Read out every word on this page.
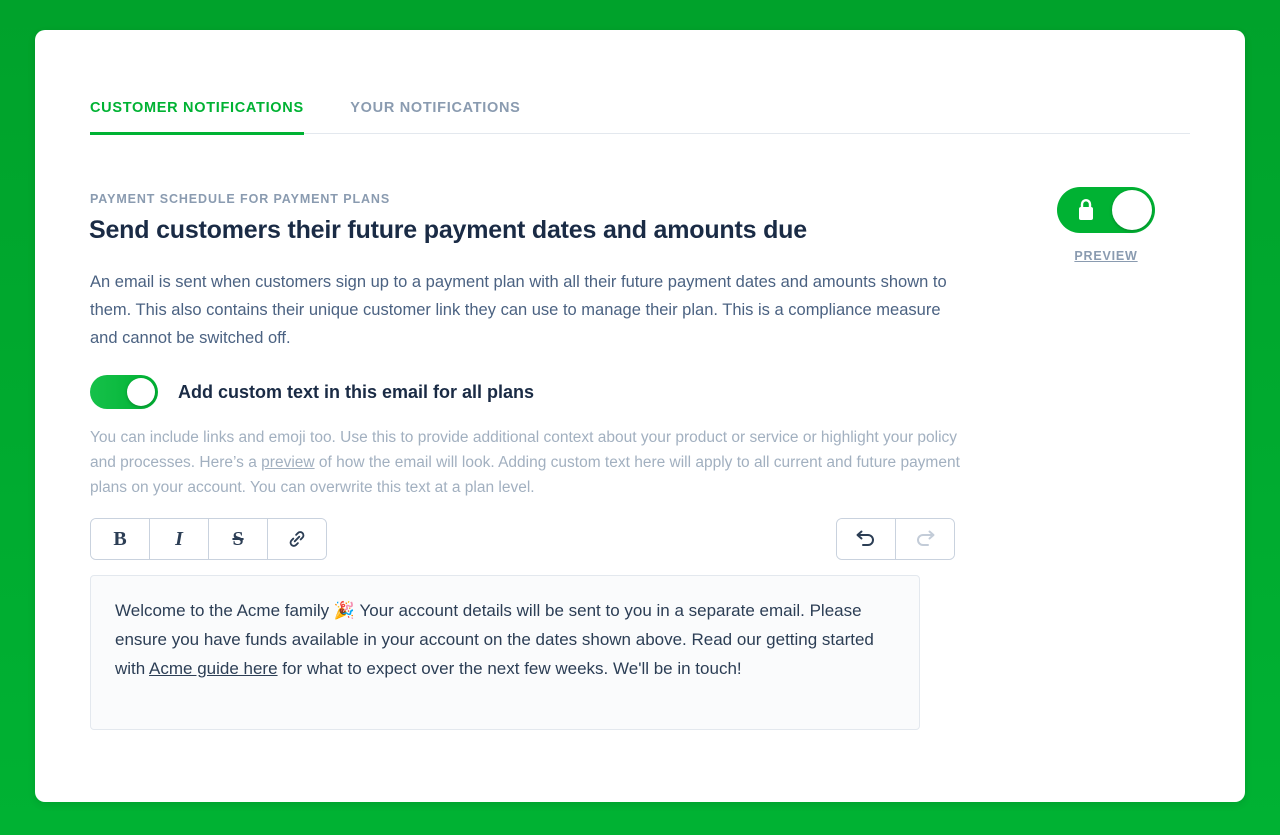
CUSTOMER NOTIFICATIONS	YOUR NOTIFICATIONS
PAYMENT SCHEDULE FOR PAYMENT PLANS
Send customers their future payment dates and amounts due
An email is sent when customers sign up to a payment plan with all their future payment dates and amounts shown to them. This also contains their unique customer link they can use to manage their plan. This is a compliance measure and cannot be switched off.
PREVIEW
Add custom text in this email for all plans
You can include links and emoji too. Use this to provide additional context about your product or service or highlight your policy and processes. Here’s a preview of how the email will look. Adding custom text here will apply to all current and future payment plans on your account. You can overwrite this text at a plan level.
B	I	S
Welcome to the Acme family 🎉 Your account details will be sent to you in a separate email. Please ensure you have funds available in your account on the dates shown above. Read our getting started with Acme guide here for what to expect over the next few weeks. We'll be in touch!
